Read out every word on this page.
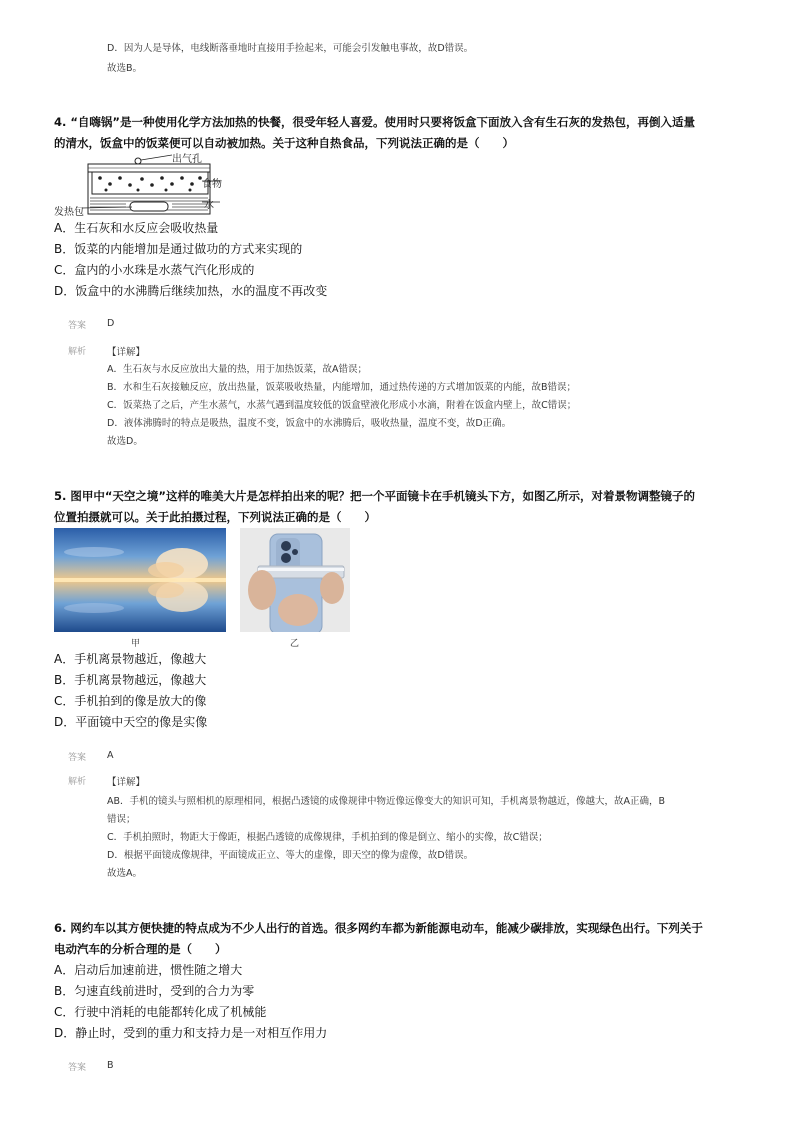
D．因为人是导体，电线断落垂地时直接用手捡起来，可能会引发触电事故，故D错误。
故选B。
4. “自嗨锅”是一种使用化学方法加热的快餐，很受年轻人喜爱。使用时只要将饭盒下面放入含有生石灰的发热包，再倒入适量
的清水，饭盒中的饭菜便可以自动被加热。关于这种自热食品，下列说法正确的是（　　）
出气孔
食物
水
发热包
A．生石灰和水反应会吸收热量
B．饭菜的内能增加是通过做功的方式来实现的
C．盒内的小水珠是水蒸气汽化形成的
D．饭盒中的水沸腾后继续加热，水的温度不再改变
答案 D
解析 【详解】
A．生石灰与水反应放出大量的热，用于加热饭菜，故A错误；
B．水和生石灰接触反应，放出热量，饭菜吸收热量，内能增加，通过热传递的方式增加饭菜的内能，故B错误；
C．饭菜热了之后，产生水蒸气，水蒸气遇到温度较低的饭盒壁液化形成小水滴，附着在饭盒内壁上，故C错误；
D．液体沸腾时的特点是吸热，温度不变，饭盒中的水沸腾后，吸收热量，温度不变，故D正确。
故选D。
5. 图甲中“天空之境”这样的唯美大片是怎样拍出来的呢？把一个平面镜卡在手机镜头下方，如图乙所示，对着景物调整镜子的
位置拍摄就可以。关于此拍摄过程，下列说法正确的是（　　）
甲	乙
A．手机离景物越近，像越大
B．手机离景物越远，像越大
C．手机拍到的像是放大的像
D．平面镜中天空的像是实像
答案 A
解析 【详解】
AB．手机的镜头与照相机的原理相同，根据凸透镜的成像规律中物近像远像变大的知识可知，手机离景物越近，像越大，故A正确，B
错误；
C．手机拍照时，物距大于像距，根据凸透镜的成像规律，手机拍到的像是倒立、缩小的实像，故C错误；
D．根据平面镜成像规律，平面镜成正立、等大的虚像，即天空的像为虚像，故D错误。
故选A。
6. 网约车以其方便快捷的特点成为不少人出行的首选。很多网约车都为新能源电动车，能减少碳排放，实现绿色出行。下列关于
电动汽车的分析合理的是（　　）
A．启动后加速前进，惯性随之增大
B．匀速直线前进时，受到的合力为零
C．行驶中消耗的电能都转化成了机械能
D．静止时，受到的重力和支持力是一对相互作用力
答案 B
